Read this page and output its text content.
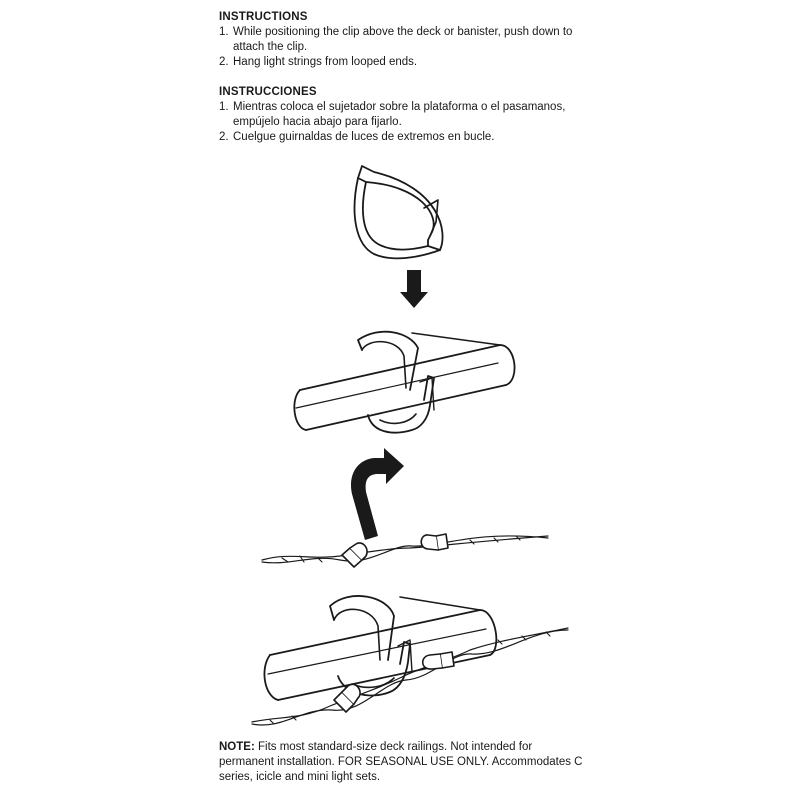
INSTRUCTIONS
1. While positioning the clip above the deck or banister, push down to attach the clip.
2. Hang light strings from looped ends.
INSTRUCCIONES
1. Mientras coloca el sujetador sobre la plataforma o el pasamanos, empújelo hacia abajo para fijarlo.
2. Cuelgue guirnaldas de luces de extremos en bucle.
NOTE: Fits most standard-size deck railings. Not intended for permanent installation. FOR SEASONAL USE ONLY. Accommodates C series, icicle and mini light sets.
